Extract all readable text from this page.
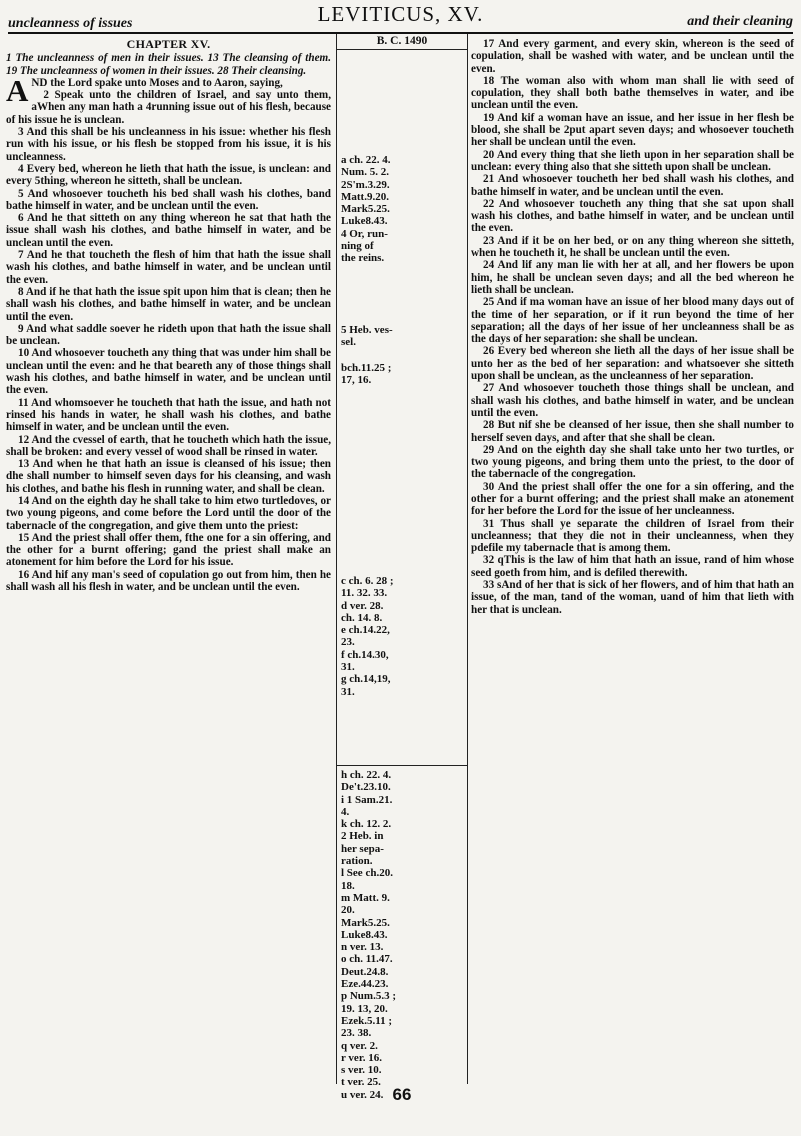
LEVITICUS, XV.
uncleanness of issues	and their cleaning
CHAPTER XV.
1 The uncleanness of men in their issues. 13 The cleansing of them. 19 The uncleanness of women in their issues. 28 Their cleansing.

AND the Lord spake unto Moses and to Aaron, saying,

2 Speak unto the children of Israel, and say unto them, aWhen any man hath a 4running issue out of his flesh, because of his issue he is unclean.

3 And this shall be his uncleanness in his issue: whether his flesh run with his issue, or his flesh be stopped from his issue, it is his uncleanness.

4 Every bed, whereon he lieth that hath the issue, is unclean: and every 5thing, whereon he sitteth, shall be unclean.

5 And whosoever toucheth his bed shall wash his clothes, band bathe himself in water, and be unclean until the even.

6 And he that sitteth on any thing whereon he sat that hath the issue shall wash his clothes, and bathe himself in water, and be unclean until the even.

7 And he that toucheth the flesh of him that hath the issue shall wash his clothes, and bathe himself in water, and be unclean until the even.

8 And if he that hath the issue spit upon him that is clean; then he shall wash his clothes, and bathe himself in water, and be unclean until the even.

9 And what saddle soever he rideth upon that hath the issue shall be unclean.

10 And whosoever toucheth any thing that was under him shall be unclean until the even: and he that beareth any of those things shall wash his clothes, and bathe himself in water, and be unclean until the even.

11 And whomsoever he toucheth that hath the issue, and hath not rinsed his hands in water, he shall wash his clothes, and bathe himself in water, and be unclean until the even.

12 And the cvessel of earth, that he toucheth which hath the issue, shall be broken: and every vessel of wood shall be rinsed in water.

13 And when he that hath an issue is cleansed of his issue; then dhe shall number to himself seven days for his cleansing, and wash his clothes, and bathe his flesh in running water, and shall be clean.

14 And on the eighth day he shall take to him etwo turtledoves, or two young pigeons, and come before the Lord until the door of the tabernacle of the congregation, and give them unto the priest:

15 And the priest shall offer them, fthe one for a sin offering, and the other for a burnt offering; gand the priest shall make an atonement for him before the Lord for his issue.

16 And hif any man's seed of copulation go out from him, then he shall wash all his flesh in water, and be unclean until the even.

B. C. 1490
a ch. 22. 4.
Num. 5. 2.
2S'm.3.29.
Matt.9.20.
Mark5.25.
Luke8.43.
4 Or, run-
ning of
the reins.
5 Heb. ves-
sel.
bch.11.25 ;
17, 16.
c ch. 6. 28 ;
11. 32. 33.
d ver. 28.
ch. 14. 8.
e ch.14.22,
23.
f ch.14.30,
31.
g ch.14,19,
31.
h ch. 22. 4.
De't.23.10.
i 1 Sam.21.
4.
k ch. 12. 2.
2 Heb. in
her sepa-
ration.
l See ch.20.
18.
m Matt. 9.
20.
Mark5.25.
Luke8.43.
n ver. 13.
o ch. 11.47.
Deut.24.8.
Eze.44.23.
p Num.5.3 ;
19. 13, 20.
Ezek.5.11 ;
23. 38.
q ver. 2.
r ver. 16.
s ver. 10.
t ver. 25.
u ver. 24.

17 And every garment, and every skin, whereon is the seed of copulation, shall be washed with water, and be unclean until the even.

18 The woman also with whom man shall lie with seed of copulation, they shall both bathe themselves in water, and ibe unclean until the even.

19 And kif a woman have an issue, and her issue in her flesh be blood, she shall be 2put apart seven days; and whosoever toucheth her shall be unclean until the even.

20 And every thing that she lieth upon in her separation shall be unclean: every thing also that she sitteth upon shall be unclean.

21 And whosoever toucheth her bed shall wash his clothes, and bathe himself in water, and be unclean until the even.

22 And whosoever toucheth any thing that she sat upon shall wash his clothes, and bathe himself in water, and be unclean until the even.

23 And if it be on her bed, or on any thing whereon she sitteth, when he toucheth it, he shall be unclean until the even.

24 And lif any man lie with her at all, and her flowers be upon him, he shall be unclean seven days; and all the bed whereon he lieth shall be unclean.

25 And if ma woman have an issue of her blood many days out of the time of her separation, or if it run beyond the time of her separation; all the days of her issue of her uncleanness shall be as the days of her separation: she shall be unclean.

26 Every bed whereon she lieth all the days of her issue shall be unto her as the bed of her separation: and whatsoever she sitteth upon shall be unclean, as the uncleanness of her separation.

27 And whosoever toucheth those things shall be unclean, and shall wash his clothes, and bathe himself in water, and be unclean until the even.

28 But nif she be cleansed of her issue, then she shall number to herself seven days, and after that she shall be clean.

29 And on the eighth day she shall take unto her two turtles, or two young pigeons, and bring them unto the priest, to the door of the tabernacle of the congregation.

30 And the priest shall offer the one for a sin offering, and the other for a burnt offering; and the priest shall make an atonement for her before the Lord for the issue of her uncleanness.

31 Thus shall ye separate the children of Israel from their uncleanness; that they die not in their uncleanness, when they pdefile my tabernacle that is among them.

32 qThis is the law of him that hath an issue, rand of him whose seed goeth from him, and is defiled therewith.

33 sAnd of her that is sick of her flowers, and of him that hath an issue, of the man, tand of the woman, uand of him that lieth with her that is unclean.

66
